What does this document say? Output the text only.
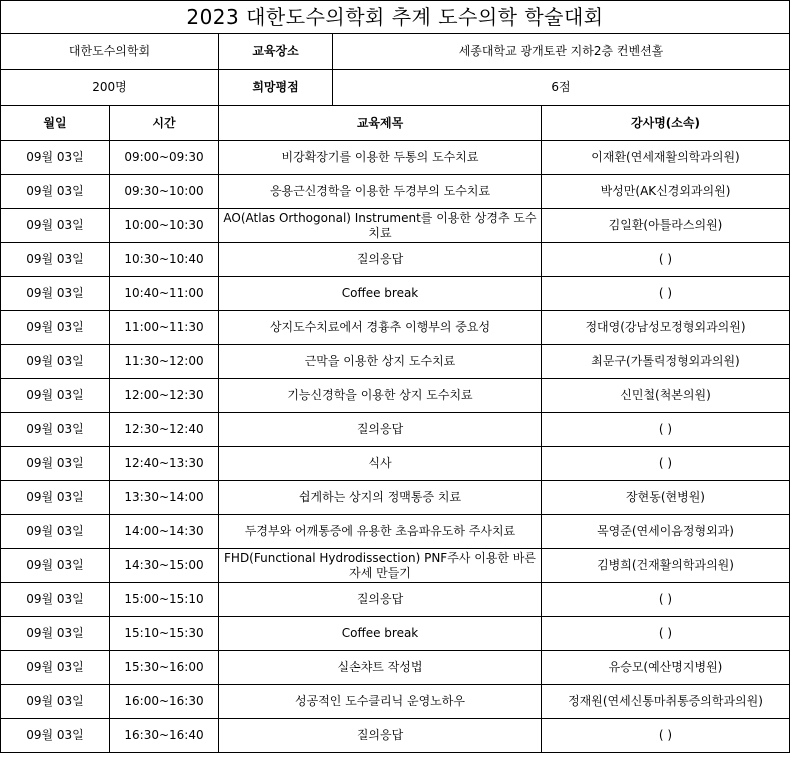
2023 대한도수의학회 추계 도수의학 학술대회				
대한도수의학회		교육장소	세종대학교 광개토관 지하2층 컨벤션홀	
200명		희망평점	6점	
월일	시간	교육제목		강사명(소속)
09월 03일	09:00~09:30	비강확장기를 이용한 두통의 도수치료		이재환(연세재활의학과의원)
09월 03일	09:30~10:00	응용근신경학을 이용한 두경부의 도수치료		박성만(AK신경외과의원)
09월 03일	10:00~10:30	AO(Atlas Orthogonal) Instrument를 이용한 상경추 도수치료		김일환(아틀라스의원)
09월 03일	10:30~10:40	질의응답		( )
09월 03일	10:40~11:00	Coffee break		( )
09월 03일	11:00~11:30	상지도수치료에서 경흉추 이행부의 중요성		정대영(강남성모정형외과의원)
09월 03일	11:30~12:00	근막을 이용한 상지 도수치료		최문구(가톨릭정형외과의원)
09월 03일	12:00~12:30	기능신경학을 이용한 상지 도수치료		신민철(척본의원)
09월 03일	12:30~12:40	질의응답		( )
09월 03일	12:40~13:30	식사		( )
09월 03일	13:30~14:00	쉽게하는 상지의 정맥통증 치료		장현동(현병원)
09월 03일	14:00~14:30	두경부와 어깨통증에 유용한 초음파유도하 주사치료		목영준(연세이음정형외과)
09월 03일	14:30~15:00	FHD(Functional Hydrodissection) PNF주사 이용한 바른자세 만들기		김병희(건재활의학과의원)
09월 03일	15:00~15:10	질의응답		( )
09월 03일	15:10~15:30	Coffee break		( )
09월 03일	15:30~16:00	실손챠트 작성법		유승모(예산명지병원)
09월 03일	16:00~16:30	성공적인 도수클리닉 운영노하우		정재원(연세신통마취통증의학과의원)
09월 03일	16:30~16:40	질의응답		( )
